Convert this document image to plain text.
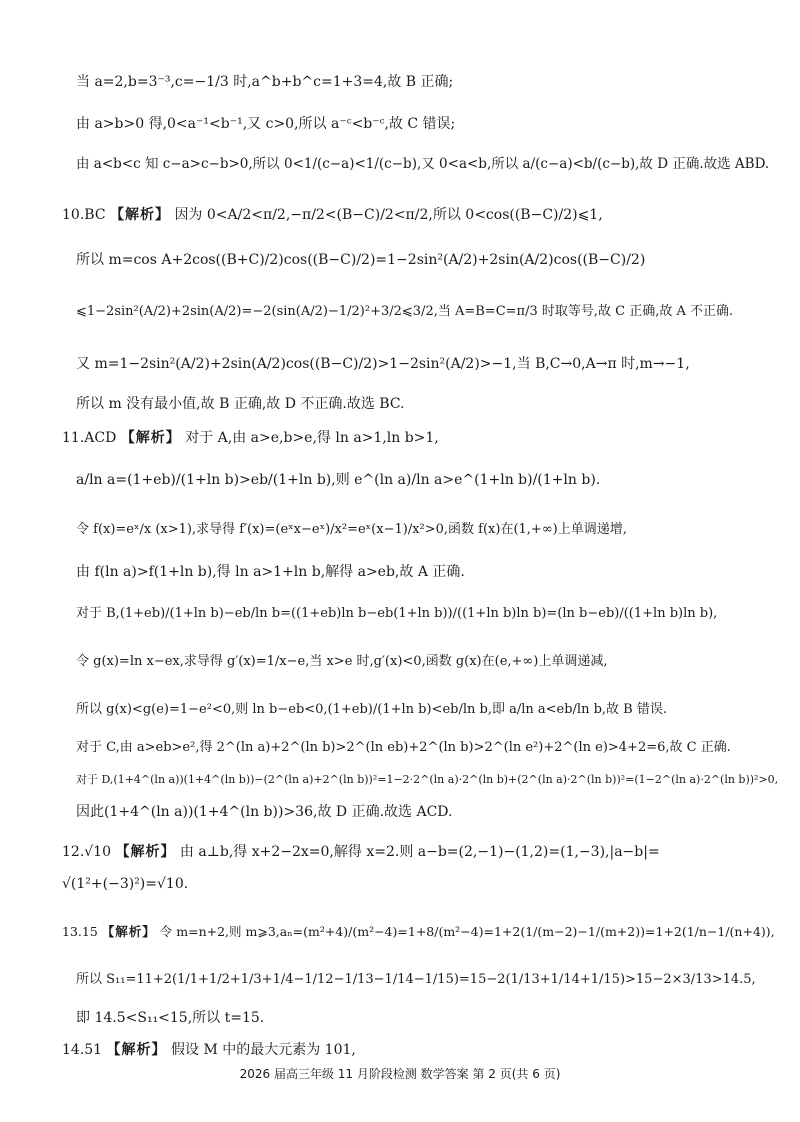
当 a=2,b=3⁻³,c=−1/3 时,a^b+b^c=1+3=4,故 B 正确;
由 a>b>0 得,0<a⁻¹<b⁻¹,又 c>0,所以 a⁻ᶜ<b⁻ᶜ,故 C 错误;
由 a<b<c 知 c−a>c−b>0,所以 0<1/(c−a)<1/(c−b),又 0<a<b,所以 a/(c−a)<b/(c−b),故 D 正确.故选 ABD.
10.BC 【解析】 因为 0<A/2<π/2,−π/2<(B−C)/2<π/2,所以 0<cos((B−C)/2)⩽1,
所以 m=cos A+2cos((B+C)/2)cos((B−C)/2)=1−2sin²(A/2)+2sin(A/2)cos((B−C)/2)
⩽1−2sin²(A/2)+2sin(A/2)=−2(sin(A/2)−1/2)²+3/2⩽3/2,当 A=B=C=π/3 时取等号,故 C 正确,故 A 不正确.
又 m=1−2sin²(A/2)+2sin(A/2)cos((B−C)/2)>1−2sin²(A/2)>−1,当 B,C→0,A→π 时,m→−1,
所以 m 没有最小值,故 B 正确,故 D 不正确.故选 BC.
11.ACD 【解析】 对于 A,由 a>e,b>e,得 ln a>1,ln b>1,
a/ln a=(1+eb)/(1+ln b)>eb/(1+ln b),则 e^(ln a)/ln a>e^(1+ln b)/(1+ln b).
令 f(x)=eˣ/x (x>1),求导得 f′(x)=(eˣx−eˣ)/x²=eˣ(x−1)/x²>0,函数 f(x)在(1,+∞)上单调递增,
由 f(ln a)>f(1+ln b),得 ln a>1+ln b,解得 a>eb,故 A 正确.
对于 B,(1+eb)/(1+ln b)−eb/ln b=((1+eb)ln b−eb(1+ln b))/((1+ln b)ln b)=(ln b−eb)/((1+ln b)ln b),
令 g(x)=ln x−ex,求导得 g′(x)=1/x−e,当 x>e 时,g′(x)<0,函数 g(x)在(e,+∞)上单调递减,
所以 g(x)<g(e)=1−e²<0,则 ln b−eb<0,(1+eb)/(1+ln b)<eb/ln b,即 a/ln a<eb/ln b,故 B 错误.
对于 C,由 a>eb>e²,得 2^(ln a)+2^(ln b)>2^(ln eb)+2^(ln b)>2^(ln e²)+2^(ln e)>4+2=6,故 C 正确.
对于 D,(1+4^(ln a))(1+4^(ln b))−(2^(ln a)+2^(ln b))²=1−2·2^(ln a)·2^(ln b)+(2^(ln a)·2^(ln b))²=(1−2^(ln a)·2^(ln b))²>0,
因此(1+4^(ln a))(1+4^(ln b))>36,故 D 正确.故选 ACD.
12.√10 【解析】 由 a⊥b,得 x+2−2x=0,解得 x=2.则 a−b=(2,−1)−(1,2)=(1,−3),|a−b|=
√(1²+(−3)²)=√10.
13.15 【解析】 令 m=n+2,则 m⩾3,aₙ=(m²+4)/(m²−4)=1+8/(m²−4)=1+2(1/(m−2)−1/(m+2))=1+2(1/n−1/(n+4)),
所以 S₁₁=11+2(1/1+1/2+1/3+1/4−1/12−1/13−1/14−1/15)=15−2(1/13+1/14+1/15)>15−2×3/13>14.5,
即 14.5<S₁₁<15,所以 t=15.
14.51 【解析】 假设 M 中的最大元素为 101,
2026 届高三年级 11 月阶段检测 数学答案 第 2 页(共 6 页)
